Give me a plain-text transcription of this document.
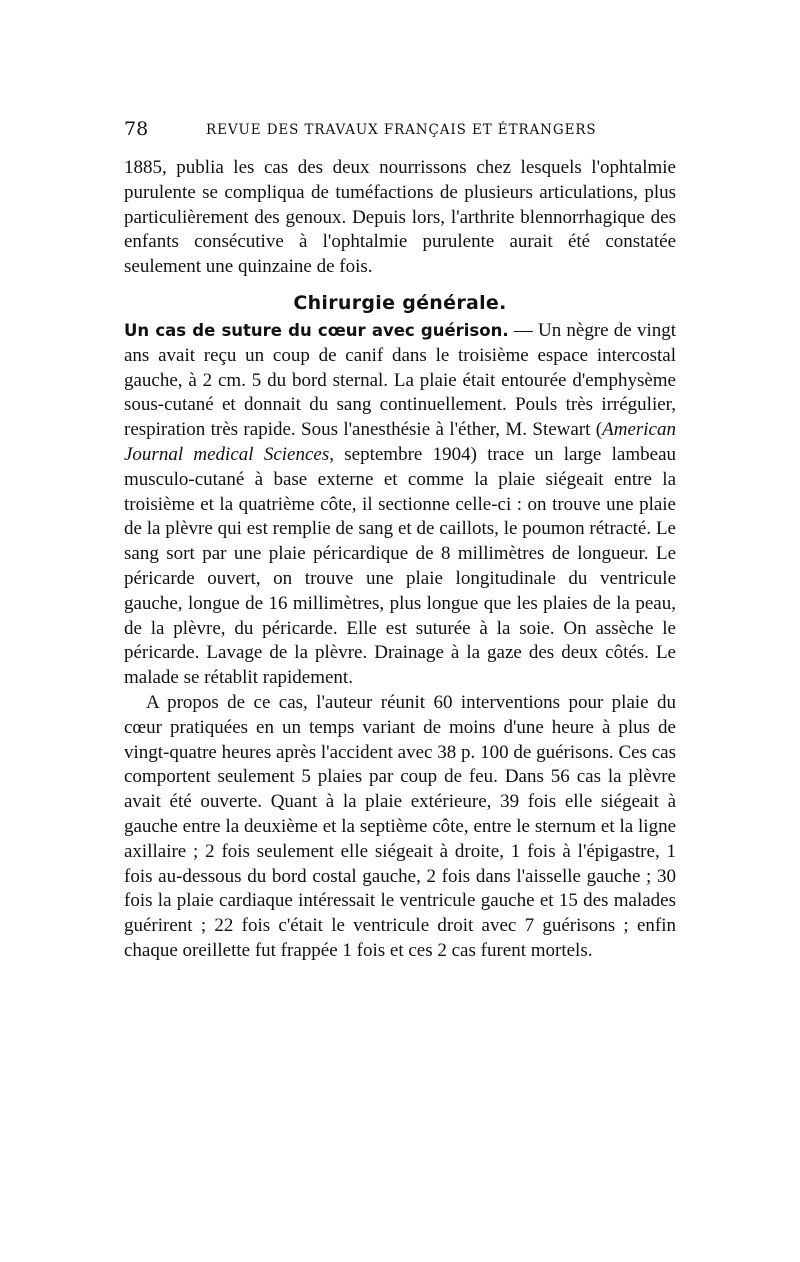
78	REVUE DES TRAVAUX FRANÇAIS ET ÉTRANGERS

1885, publia les cas des deux nourrissons chez lesquels l'ophtalmie purulente se compliqua de tuméfactions de plusieurs articulations, plus particulièrement des genoux. Depuis lors, l'arthrite blennorrhagique des enfants consécutive à l'ophtalmie purulente aurait été constatée seulement une quinzaine de fois.

Chirurgie générale.

Un cas de suture du cœur avec guérison. — Un nègre de vingt ans avait reçu un coup de canif dans le troisième espace intercostal gauche, à 2 cm. 5 du bord sternal. La plaie était entourée d'emphysème sous-cutané et donnait du sang continuellement. Pouls très irrégulier, respiration très rapide. Sous l'anesthésie à l'éther, M. Stewart (American Journal medical Sciences, septembre 1904) trace un large lambeau musculo-cutané à base externe et comme la plaie siégeait entre la troisième et la quatrième côte, il sectionne celle-ci : on trouve une plaie de la plèvre qui est remplie de sang et de caillots, le poumon rétracté. Le sang sort par une plaie péricardique de 8 millimètres de longueur. Le péricarde ouvert, on trouve une plaie longitudinale du ventricule gauche, longue de 16 millimètres, plus longue que les plaies de la peau, de la plèvre, du péricarde. Elle est suturée à la soie. On assèche le péricarde. Lavage de la plèvre. Drainage à la gaze des deux côtés. Le malade se rétablit rapidement.

A propos de ce cas, l'auteur réunit 60 interventions pour plaie du cœur pratiquées en un temps variant de moins d'une heure à plus de vingt-quatre heures après l'accident avec 38 p. 100 de guérisons. Ces cas comportent seulement 5 plaies par coup de feu. Dans 56 cas la plèvre avait été ouverte. Quant à la plaie extérieure, 39 fois elle siégeait à gauche entre la deuxième et la septième côte, entre le sternum et la ligne axillaire ; 2 fois seulement elle siégeait à droite, 1 fois à l'épigastre, 1 fois au-dessous du bord costal gauche, 2 fois dans l'aisselle gauche ; 30 fois la plaie cardiaque intéressait le ventricule gauche et 15 des malades guérirent ; 22 fois c'était le ventricule droit avec 7 guérisons ; enfin chaque oreillette fut frappée 1 fois et ces 2 cas furent mortels.
